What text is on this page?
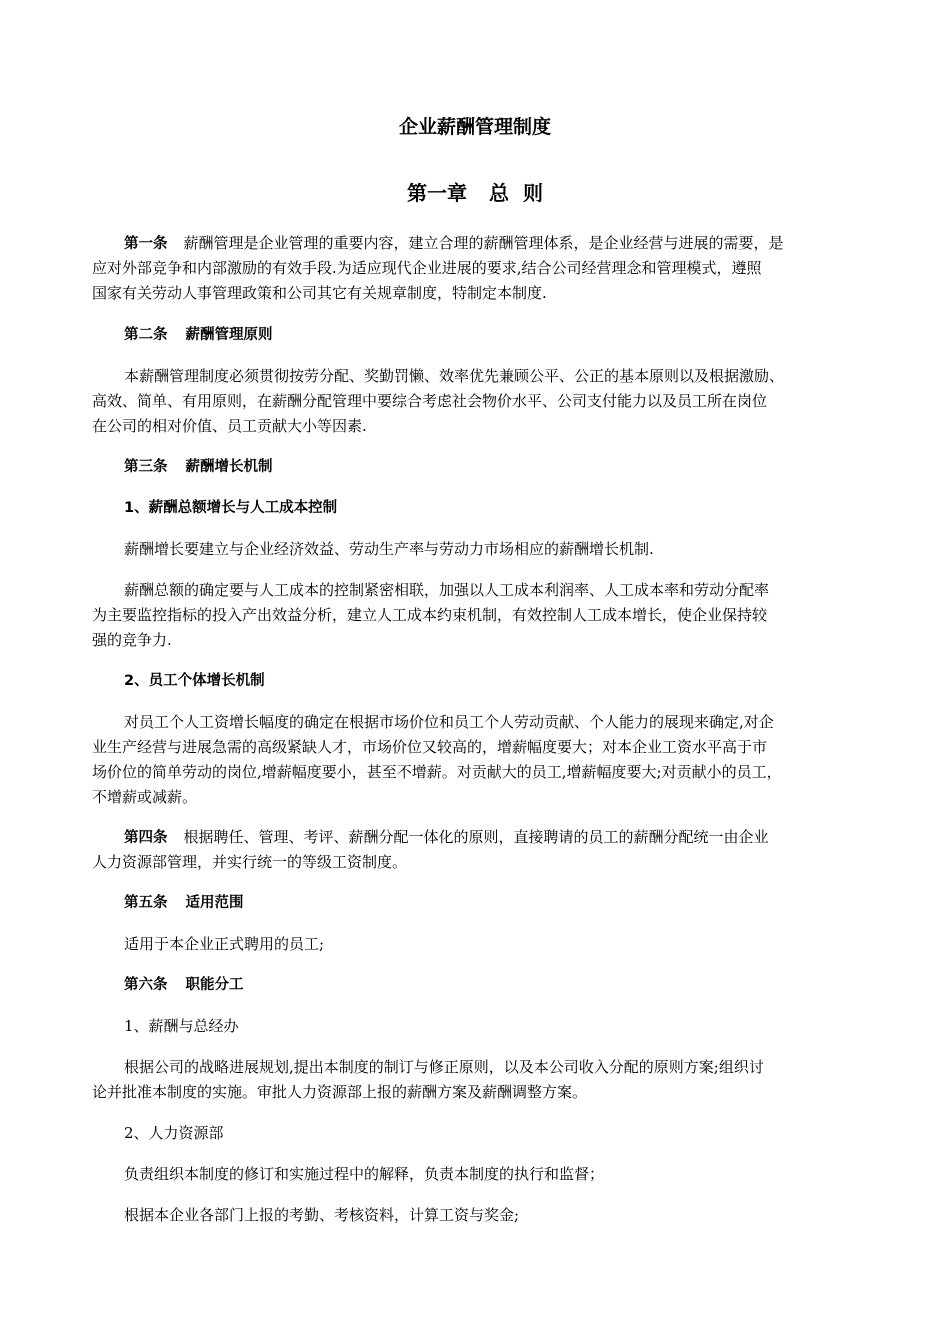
企业薪酬管理制度
第一章 总  则
第一条 薪酬管理是企业管理的重要内容，建立合理的薪酬管理体系，是企业经营与进展的需要，是
应对外部竞争和内部激励的有效手段.为适应现代企业进展的要求,结合公司经营理念和管理模式，遵照
国家有关劳动人事管理政策和公司其它有关规章制度，特制定本制度.
第二条 薪酬管理原则
本薪酬管理制度必须贯彻按劳分配、奖勤罚懒、效率优先兼顾公平、公正的基本原则以及根据激励、
高效、简单、有用原则，在薪酬分配管理中要综合考虑社会物价水平、公司支付能力以及员工所在岗位
在公司的相对价值、员工贡献大小等因素.
第三条 薪酬增长机制
1、薪酬总额增长与人工成本控制
薪酬增长要建立与企业经济效益、劳动生产率与劳动力市场相应的薪酬增长机制.
薪酬总额的确定要与人工成本的控制紧密相联，加强以人工成本利润率、人工成本率和劳动分配率
为主要监控指标的投入产出效益分析，建立人工成本约束机制，有效控制人工成本增长，使企业保持较
强的竞争力.
2、员工个体增长机制
对员工个人工资增长幅度的确定在根据市场价位和员工个人劳动贡献、个人能力的展现来确定,对企
业生产经营与进展急需的高级紧缺人才，市场价位又较高的，增薪幅度要大；对本企业工资水平高于市
场价位的简单劳动的岗位,增薪幅度要小，甚至不增薪。对贡献大的员工,增薪幅度要大;对贡献小的员工，
不增薪或减薪。
第四条 根据聘任、管理、考评、薪酬分配一体化的原则，直接聘请的员工的薪酬分配统一由企业
人力资源部管理，并实行统一的等级工资制度。
第五条 适用范围
适用于本企业正式聘用的员工;
第六条 职能分工
1、薪酬与总经办
根据公司的战略进展规划,提出本制度的制订与修正原则，以及本公司收入分配的原则方案;组织讨
论并批准本制度的实施。审批人力资源部上报的薪酬方案及薪酬调整方案。
2、人力资源部
负责组织本制度的修订和实施过程中的解释，负责本制度的执行和监督；
根据本企业各部门上报的考勤、考核资料，计算工资与奖金;
